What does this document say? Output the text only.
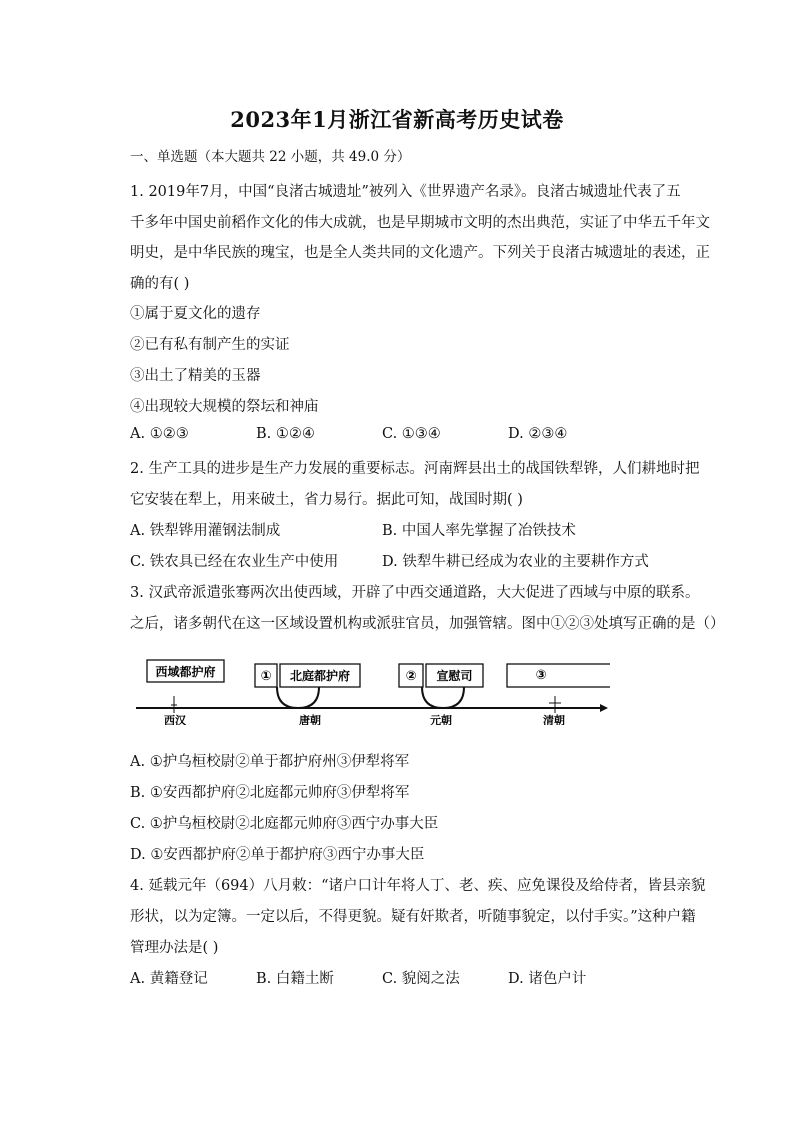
2023年1月浙江省新高考历史试卷
一、单选题（本大题共 22 小题，共 49.0 分）
1. 2019年7月，中国“良渚古城遗址”被列入《世界遗产名录》。良渚古城遗址代表了五
千多年中国史前稻作文化的伟大成就，也是早期城市文明的杰出典范，实证了中华五千年文
明史，是中华民族的瑰宝，也是全人类共同的文化遗产。下列关于良渚古城遗址的表述，正
确的有( )
①属于夏文化的遗存
②已有私有制产生的实证
③出土了精美的玉器
④出现较大规模的祭坛和神庙
A. ①②③	B. ①②④	C. ①③④	D. ②③④
2. 生产工具的进步是生产力发展的重要标志。河南辉县出土的战国铁犁铧，人们耕地时把
它安装在犁上，用来破土，省力易行。据此可知，战国时期( )
A. 铁犁铧用灌钢法制成	B. 中国人率先掌握了冶铁技术
C. 铁农具已经在农业生产中使用	D. 铁犁牛耕已经成为农业的主要耕作方式
3. 汉武帝派遣张骞两次出使西域，开辟了中西交通道路，大大促进了西域与中原的联系。
之后，诸多朝代在这一区域设置机构或派驻官员，加强管辖。图中①②③处填写正确的是（）
西域都护府	① 北庭都护府	② 宣慰司	③
西汉	唐朝	元朝	清朝
A. ①护乌桓校尉②单于都护府州③伊犁将军
B. ①安西都护府②北庭都元帅府③伊犁将军
C. ①护乌桓校尉②北庭都元帅府③西宁办事大臣
D. ①安西都护府②单于都护府③西宁办事大臣
4. 延载元年（694）八月敕：“诸户口计年将人丁、老、疾、应免课役及给侍者，皆县亲貌
形状，以为定簿。一定以后，不得更貌。疑有奸欺者，听随事貌定，以付手实。”这种户籍
管理办法是( )
A. 黄籍登记	B. 白籍土断	C. 貌阅之法	D. 诸色户计
